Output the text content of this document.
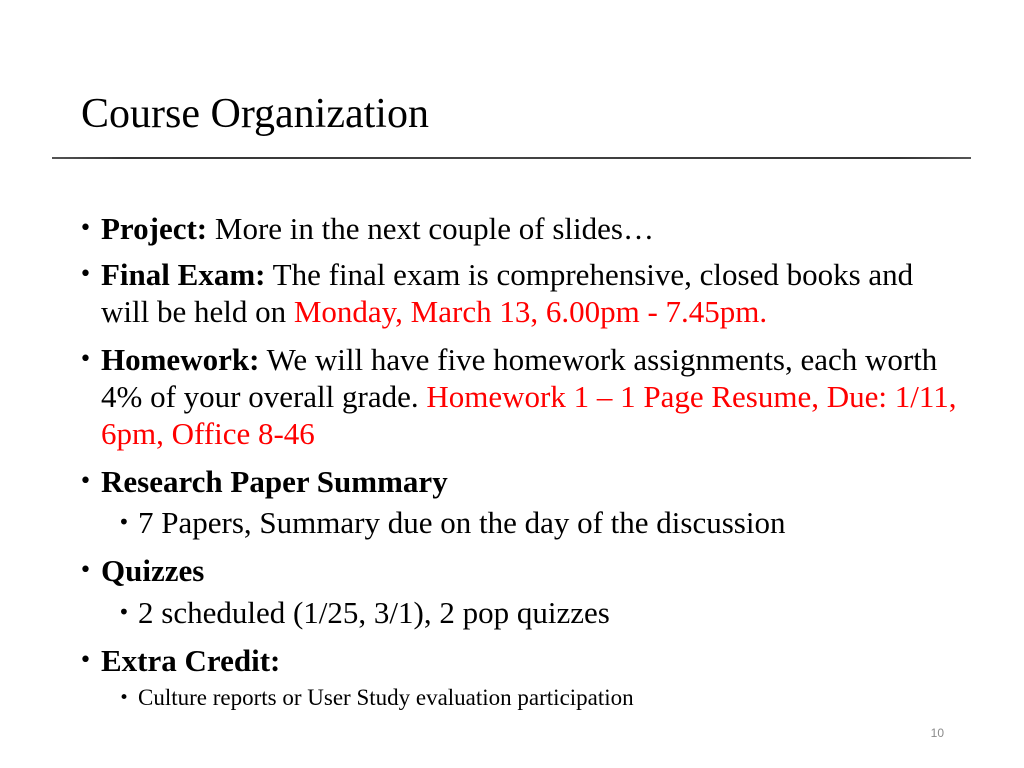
Course Organization

• Project: More in the next couple of slides…

• Final Exam: The final exam is comprehensive, closed books and will be held on Monday, March 13, 6.00pm - 7.45pm.

• Homework: We will have five homework assignments, each worth 4% of your overall grade. Homework 1 – 1 Page Resume, Due: 1/11, 6pm, Office 8-46

• Research Paper Summary

• 7 Papers, Summary due on the day of the discussion

• Quizzes

• 2 scheduled (1/25, 3/1), 2 pop quizzes

• Extra Credit:

• Culture reports or User Study evaluation participation

10
